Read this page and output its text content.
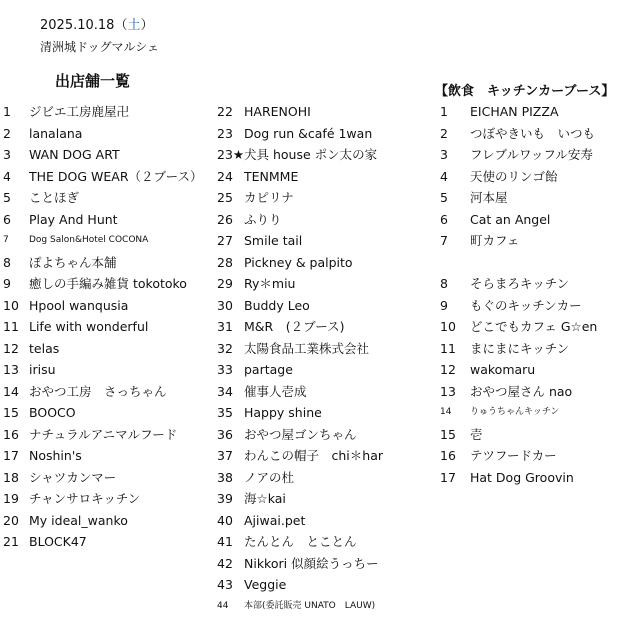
2025.10.18（土）
清洲城ドッグマルシェ
出店舗一覧
【飲食　キッチンカーブース】
1 ジビエ工房鹿屋卍
2 lanalana
3 WAN DOG ART
4 THE DOG WEAR（２ブース）
5 ことほぎ
6 Play And Hunt
7 Dog Salon&Hotel COCONA
8 ぽよちゃん本舗
9 癒しの手編み雑貨 tokotoko
10 Hpool wanqusia
11 Life with wonderful
12 telas
13 irisu
14 おやつ工房　さっちゃん
15 BOOCO
16 ナチュラルアニマルフード
17 Noshin's
18 シャツカンマー
19 チャンサロキッチン
20 My ideal_wanko
21 BLOCK47
22 HARENOHI
23 Dog run &café 1wan
23★ 犬具 house ポン太の家
24 TENMME
25 カピリナ
26 ふりり
27 Smile tail
28 Pickney & palpito
29 Ry＊miu
30 Buddy Leo
31 M&R　(２ブース)
32 太陽食品工業株式会社
33 partage
34 催事人壱成
35 Happy shine
36 おやつ屋ゴンちゃん
37 わんこの帽子　chi＊har
38 ノアの杜
39 海☆kai
40 Ajiwai.pet
41 たんとん　とことん
42 Nikkori 似顔絵うっちー
43 Veggie
44 本部(委託販売 UNATO　LAUW)
1 EICHAN PIZZA
2 つぼやきいも　いつも
3 フレブルワッフル安寿
4 天使のリンゴ飴
5 河本屋
6 Cat an Angel
7 町カフェ
8 そらまろキッチン
9 もぐのキッチンカー
10 どこでもカフェ G☆en
11 まにまにキッチン
12 wakomaru
13 おやつ屋さん nao
14 りゅうちゃんキッチン
15 壱
16 テツフードカー
17 Hat Dog Groovin
